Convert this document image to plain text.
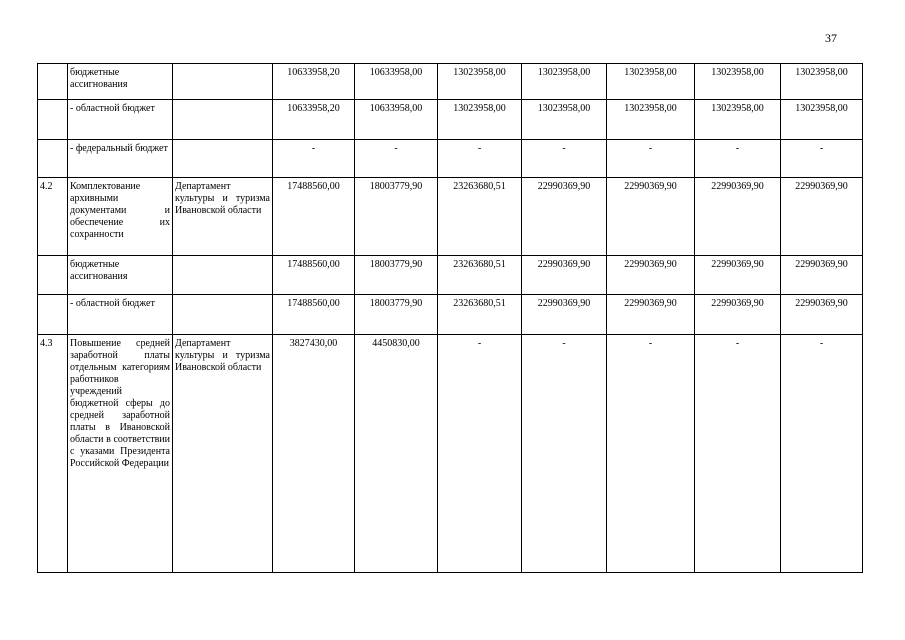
37
	бюджетные ассигнования		10633958,20	10633958,00	13023958,00	13023958,00	13023958,00	13023958,00	13023958,00
	- областной бюджет		10633958,20	10633958,00	13023958,00	13023958,00	13023958,00	13023958,00	13023958,00
	- федеральный бюджет		-	-	-	-	-	-	-
4.2	Комплектование архивными документами и обеспечение их сохранности	Департамент культуры и туризма Ивановской области	17488560,00	18003779,90	23263680,51	22990369,90	22990369,90	22990369,90	22990369,90
	бюджетные ассигнования		17488560,00	18003779,90	23263680,51	22990369,90	22990369,90	22990369,90	22990369,90
	- областной бюджет		17488560,00	18003779,90	23263680,51	22990369,90	22990369,90	22990369,90	22990369,90
4.3	Повышение средней заработной платы отдельным категориям работников учреждений бюджетной сферы до средней заработной платы в Ивановской области в соответствии с указами Президента Российской Федерации	Департамент культуры и туризма Ивановской области	3827430,00	4450830,00	-	-	-	-	-
